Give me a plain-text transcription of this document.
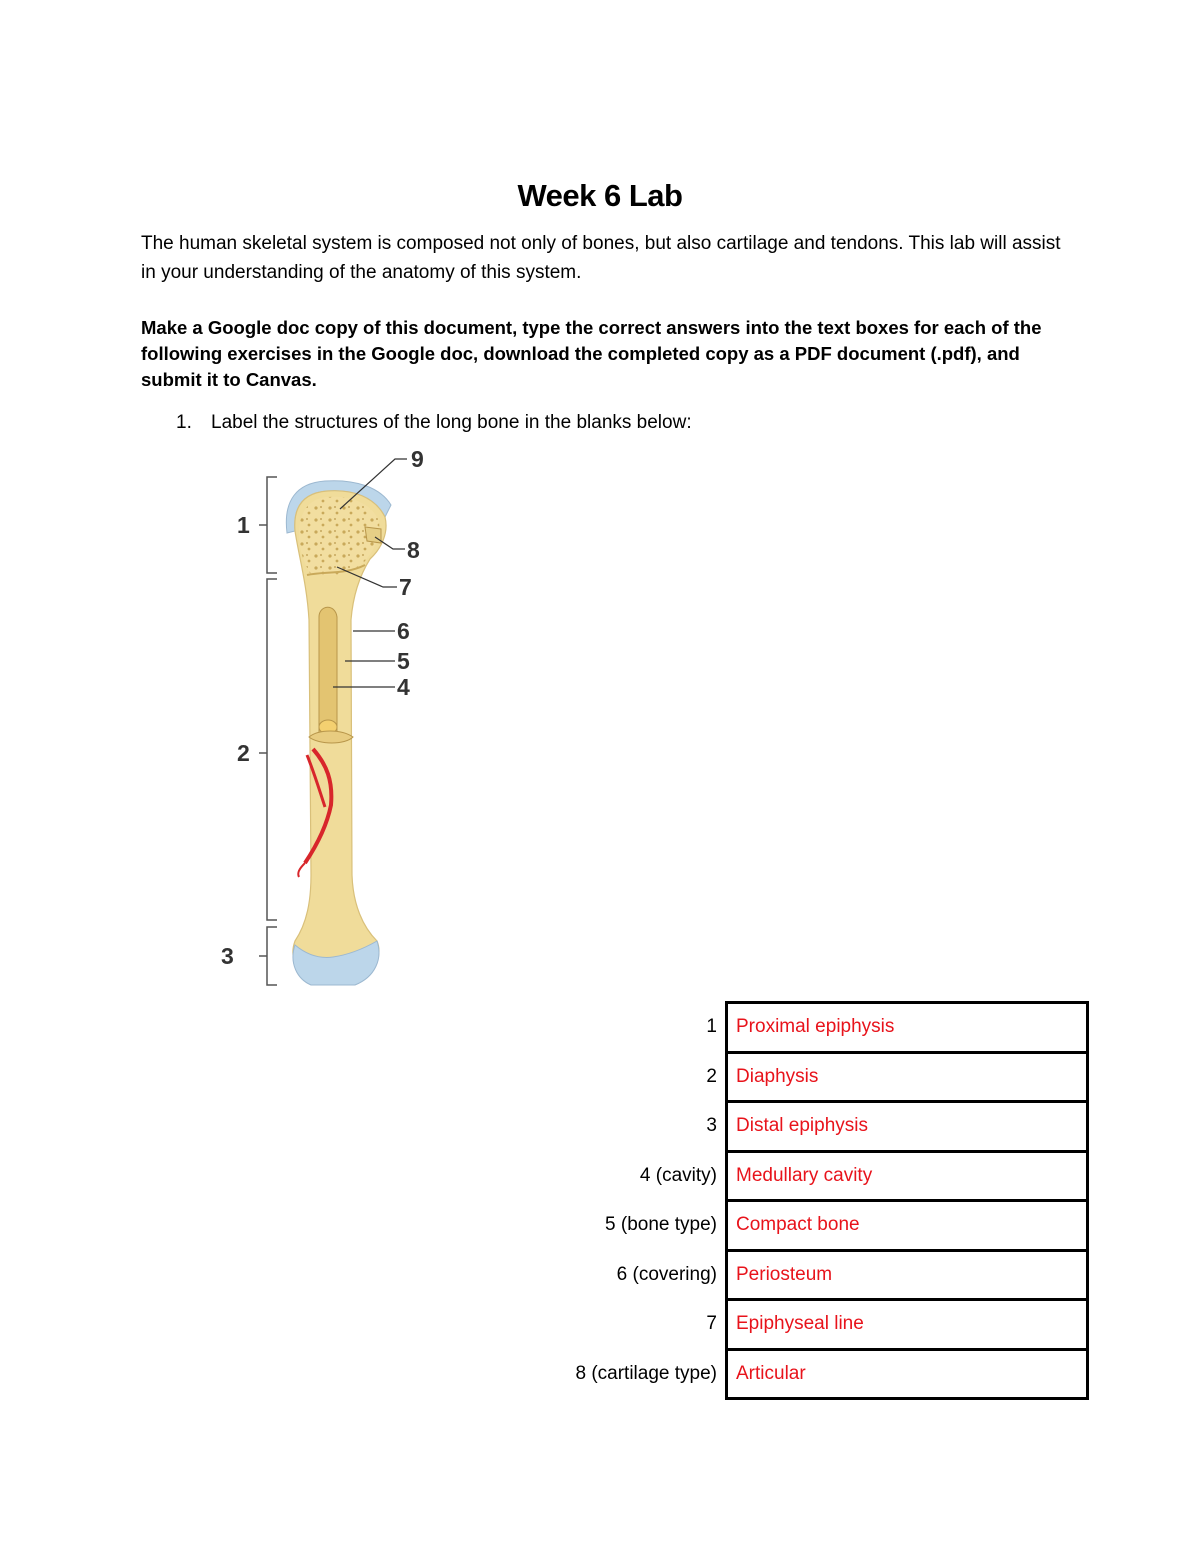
Week 6 Lab
The human skeletal system is composed not only of bones, but also cartilage and tendons. This lab will assist in your understanding of the anatomy of this system.
Make a Google doc copy of this document, type the correct answers into the text boxes for each of the following exercises in the Google doc, download the completed copy as a PDF document (.pdf), and submit it to Canvas.
1. Label the structures of the long bone in the blanks below:
1
2
3
4
5
6
7
8
9
1	Proximal epiphysis
2	Diaphysis
3	Distal epiphysis
4 (cavity)	Medullary cavity
5 (bone type)	Compact bone
6 (covering)	Periosteum
7	Epiphyseal line
8 (cartilage type)	Articular
